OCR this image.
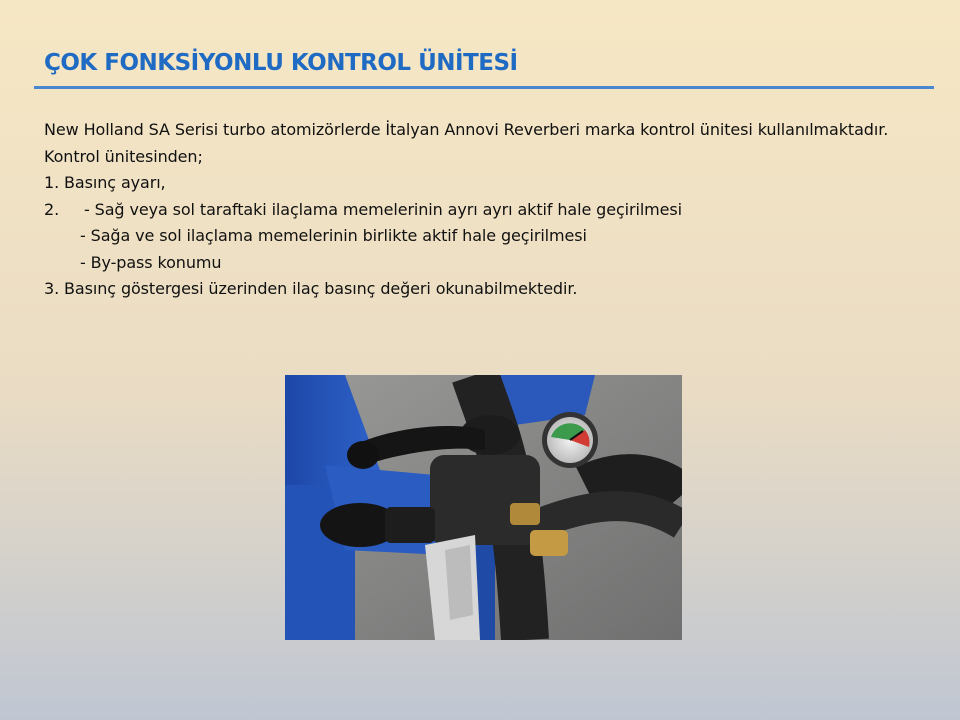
ÇOK FONKSİYONLU KONTROL ÜNİTESİ

New Holland SA Serisi turbo atomizörlerde İtalyan Annovi Reverberi marka kontrol ünitesi kullanılmaktadır.

Kontrol ünitesinden;

1. Basınç ayarı,

2. - Sağ veya sol taraftaki ilaçlama memelerinin ayrı ayrı aktif hale geçirilmesi

- Sağa ve sol ilaçlama memelerinin birlikte aktif hale geçirilmesi

- By-pass konumu

3. Basınç göstergesi üzerinden ilaç basınç değeri okunabilmektedir.
